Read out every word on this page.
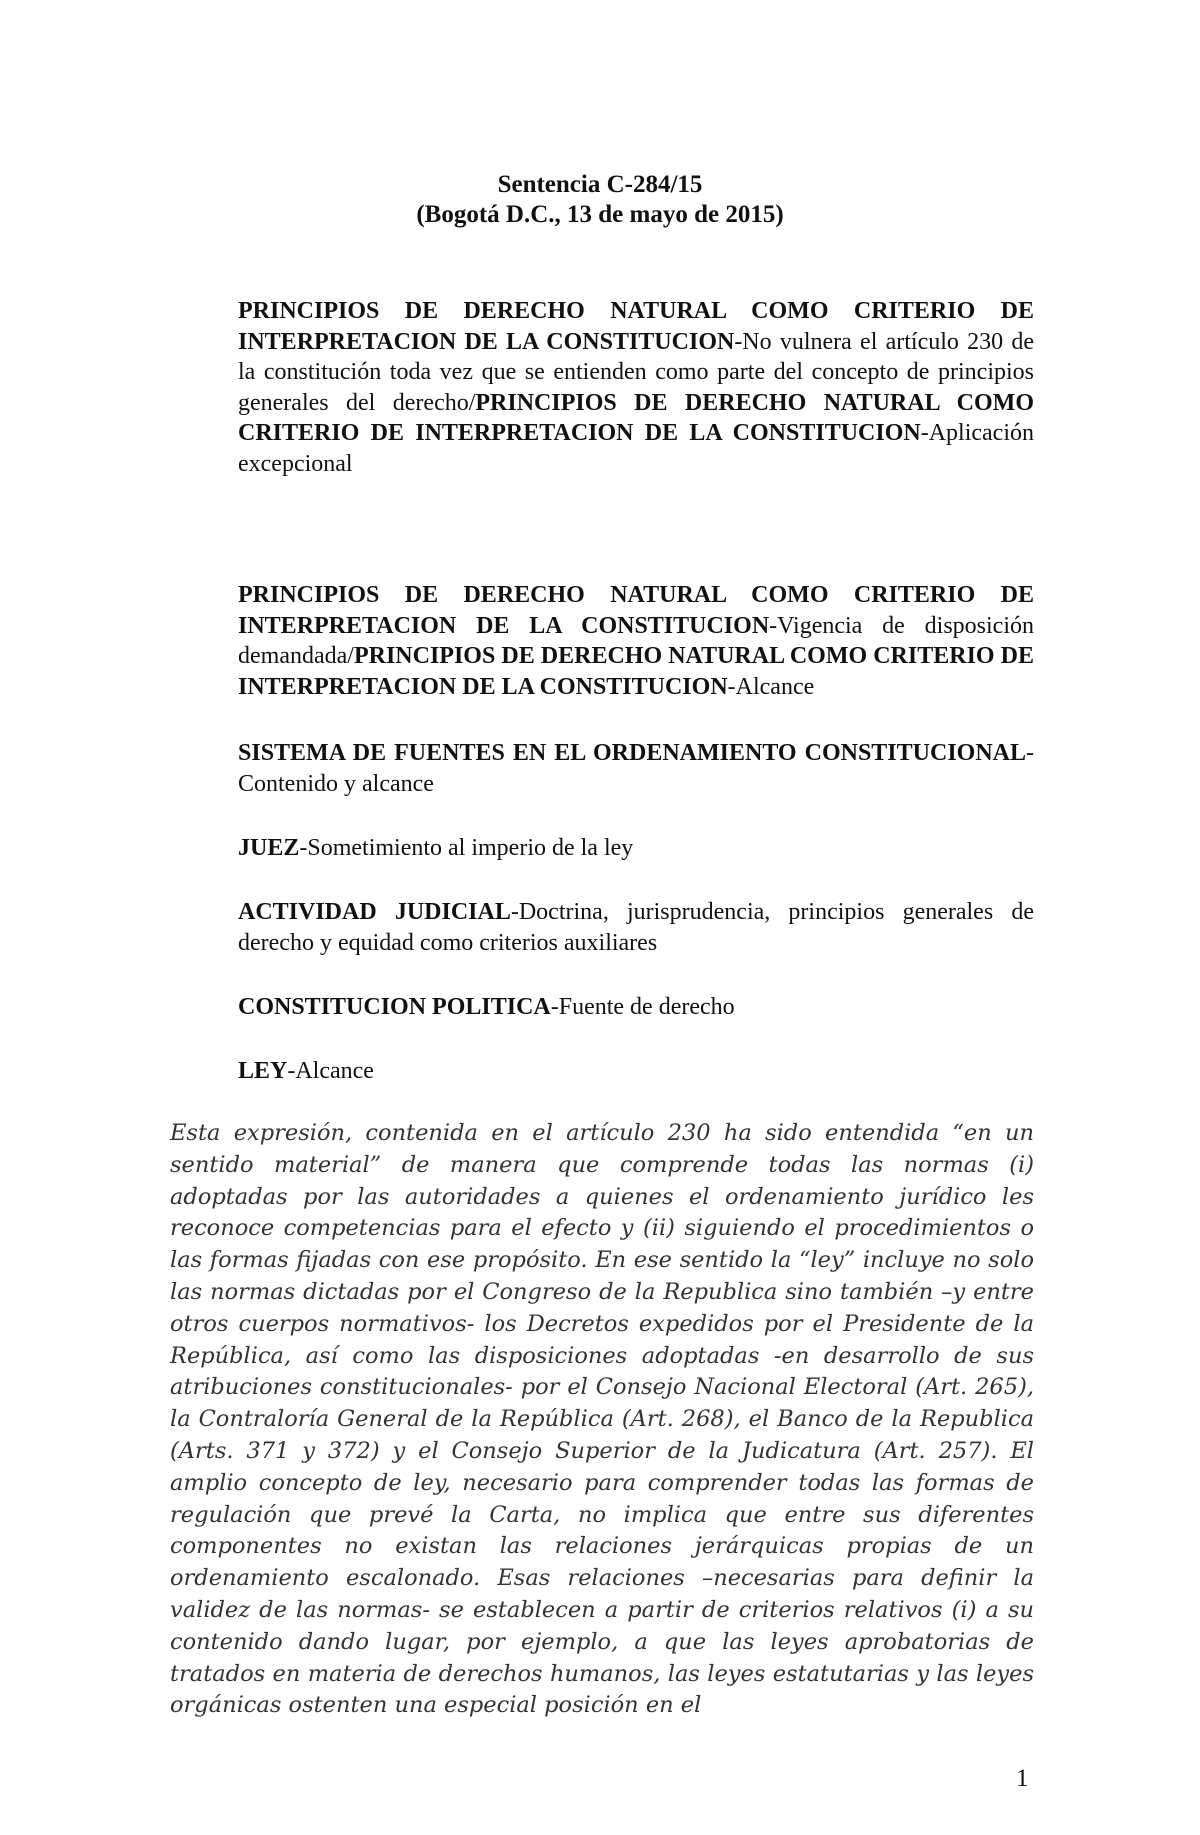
Sentencia C-284/15
(Bogotá D.C., 13 de mayo de 2015)
PRINCIPIOS DE DERECHO NATURAL COMO CRITERIO DE INTERPRETACION DE LA CONSTITUCION-No vulnera el artículo 230 de la constitución toda vez que se entienden como parte del concepto de principios generales del derecho/PRINCIPIOS DE DERECHO NATURAL COMO CRITERIO DE INTERPRETACION DE LA CONSTITUCION-Aplicación excepcional
PRINCIPIOS DE DERECHO NATURAL COMO CRITERIO DE INTERPRETACION DE LA CONSTITUCION-Vigencia de disposición demandada/PRINCIPIOS DE DERECHO NATURAL COMO CRITERIO DE INTERPRETACION DE LA CONSTITUCION-Alcance
SISTEMA DE FUENTES EN EL ORDENAMIENTO CONSTITUCIONAL-Contenido y alcance
JUEZ-Sometimiento al imperio de la ley
ACTIVIDAD JUDICIAL-Doctrina, jurisprudencia, principios generales de derecho y equidad como criterios auxiliares
CONSTITUCION POLITICA-Fuente de derecho
LEY-Alcance
Esta expresión, contenida en el artículo 230 ha sido entendida “en un sentido material” de manera que comprende todas las normas (i) adoptadas por las autoridades a quienes el ordenamiento jurídico les reconoce competencias para el efecto y (ii) siguiendo el procedimientos o las formas fijadas con ese propósito. En ese sentido la “ley” incluye no solo las normas dictadas por el Congreso de la Republica sino también –y entre otros cuerpos normativos- los Decretos expedidos por el Presidente de la República, así como las disposiciones adoptadas -en desarrollo de sus atribuciones constitucionales- por el Consejo Nacional Electoral (Art. 265), la Contraloría General de la República (Art. 268), el Banco de la Republica (Arts. 371 y 372) y el Consejo Superior de la Judicatura (Art. 257). El amplio concepto de ley, necesario para comprender todas las formas de regulación que prevé la Carta, no implica que entre sus diferentes componentes no existan las relaciones jerárquicas propias de un ordenamiento escalonado. Esas relaciones –necesarias para definir la validez de las normas- se establecen a partir de criterios relativos (i) a su contenido dando lugar, por ejemplo, a que las leyes aprobatorias de tratados en materia de derechos humanos, las leyes estatutarias y las leyes orgánicas ostenten una especial posición en el
1
